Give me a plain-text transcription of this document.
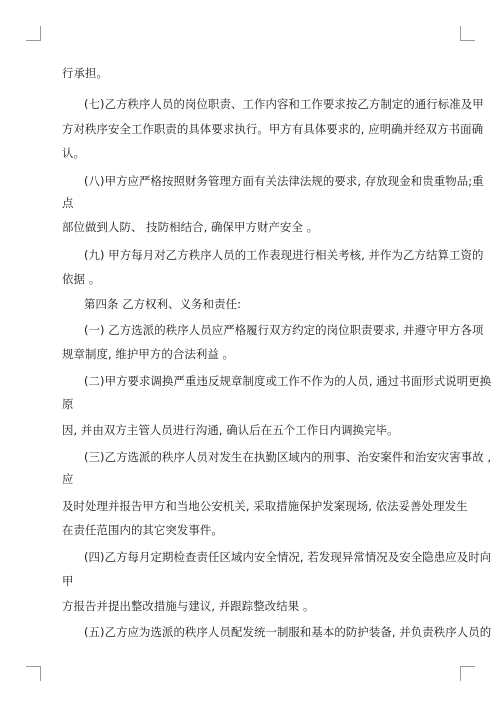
行承担。
(七)乙方秩序人员的岗位职责、工作内容和工作要求按乙方制定的通行标准及甲
方对秩序安全工作职责的具体要求执行。甲方有具体要求的, 应明确并经双方书面确
认。
(八)甲方应严格按照财务管理方面有关法律法规的要求, 存放现金和贵重物品;重
点
部位做到人防、 技防相结合, 确保甲方财产安全 。
(九) 甲方每月对乙方秩序人员的工作表现进行相关考核, 并作为乙方结算工资的
依据 。
第四条 乙方权利、义务和责任:
(一) 乙方选派的秩序人员应严格履行双方约定的岗位职责要求, 并遵守甲方各项
规章制度, 维护甲方的合法利益 。
(二)甲方要求调换严重违反规章制度或工作不作为的人员, 通过书面形式说明更换
原
因, 并由双方主管人员进行沟通, 确认后在五个工作日内调换完毕。
(三)乙方选派的秩序人员对发生在执勤区域内的刑事、治安案件和治安灾害事故 ,
应
及时处理并报告甲方和当地公安机关, 采取措施保护发案现场, 依法妥善处理发生
在责任范围内的其它突发事件。
(四)乙方每月定期检查责任区域内安全情况, 若发现异常情况及安全隐患应及时向
甲
方报告并提出整改措施与建议, 并跟踪整改结果 。
(五)乙方应为选派的秩序人员配发统一制服和基本的防护装备, 并负责秩序人员的
